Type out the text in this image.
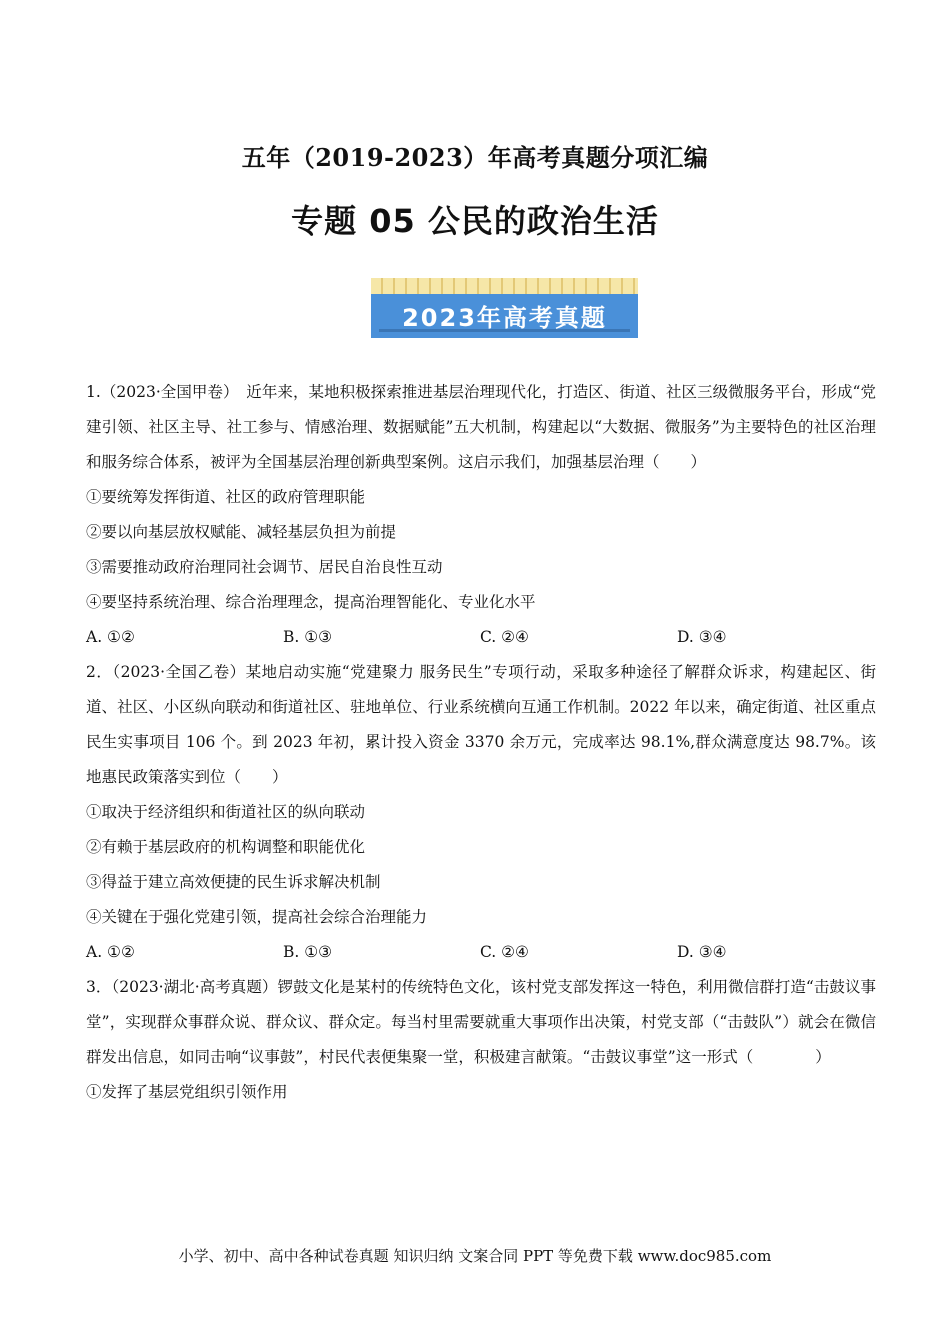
五年（2019-2023）年高考真题分项汇编
专题 05 公民的政治生活
2023年高考真题

1.（2023·全国甲卷）　近年来，某地积极探索推进基层治理现代化，打造区、街道、社区三级微服务平台，形成“党建引领、社区主导、社工参与、情感治理、数据赋能”五大机制，构建起以“大数据、微服务”为主要特色的社区治理和服务综合体系，被评为全国基层治理创新典型案例。这启示我们，加强基层治理（　　）

①要统筹发挥街道、社区的政府管理职能

②要以向基层放权赋能、减轻基层负担为前提

③需要推动政府治理同社会调节、居民自治良性互动

④要坚持系统治理、综合治理理念，提高治理智能化、专业化水平

A. ①②	B. ①③	C. ②④	D. ③④

2．（2023·全国乙卷）某地启动实施“党建聚力 服务民生”专项行动，采取多种途径了解群众诉求，构建起区、街道、社区、小区纵向联动和街道社区、驻地单位、行业系统横向互通工作机制。2022 年以来，确定街道、社区重点民生实事项目 106 个。到 2023 年初，累计投入资金 3370 余万元，完成率达 98.1%,群众满意度达 98.7%。该地惠民政策落实到位（　　）

①取决于经济组织和街道社区的纵向联动

②有赖于基层政府的机构调整和职能优化

③得益于建立高效便捷的民生诉求解决机制

④关键在于强化党建引领，提高社会综合治理能力

A. ①②	B. ①③	C. ②④	D. ③④

3．（2023·湖北·高考真题）锣鼓文化是某村的传统特色文化，该村党支部发挥这一特色，利用微信群打造“击鼓议事堂”，实现群众事群众说、群众议、群众定。每当村里需要就重大事项作出决策，村党支部（“击鼓队”）就会在微信群发出信息，如同击响“议事鼓”，村民代表便集聚一堂，积极建言献策。“击鼓议事堂”这一形式（　　　　）

①发挥了基层党组织引领作用

小学、初中、高中各种试卷真题 知识归纳 文案合同 PPT 等免费下载 www.doc985.com
